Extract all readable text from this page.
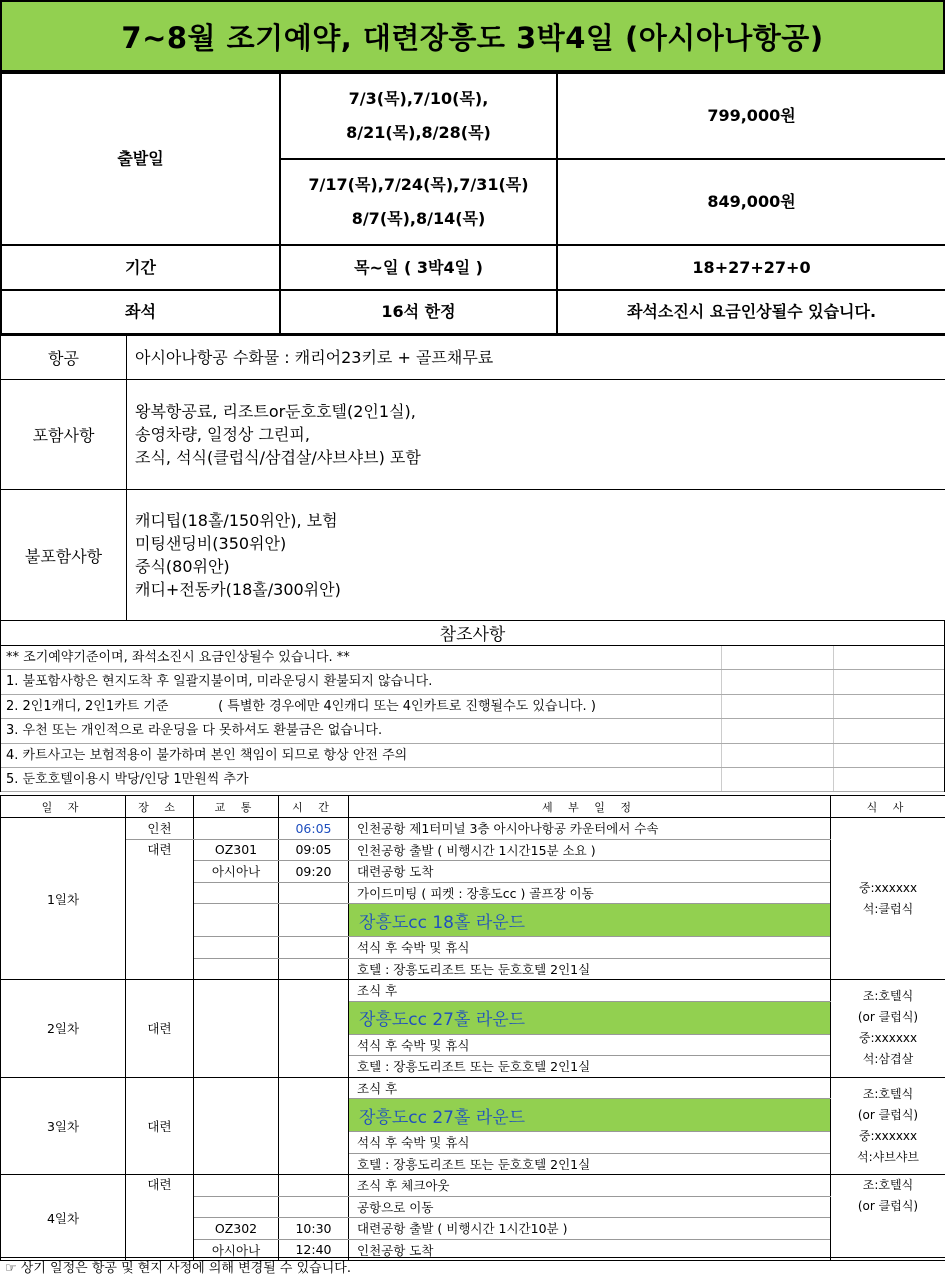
7~8월 조기예약, 대련장흥도 3박4일 (아시아나항공)
출발일	7/3(목),7/10(목),
8/21(목),8/28(목)	799,000원

	7/17(목),7/24(목),7/31(목)
8/7(목),8/14(목)	849,000원
기간	목~일 ( 3박4일 )	18+27+27+0
좌석	16석 한정	좌석소진시 요금인상될수 있습니다.
항공	아시아나항공 수화물 : 캐리어23키로 + 골프채무료
포함사항	왕복항공료, 리조트or둔호호텔(2인1실),
송영차량, 일정상 그린피,
조식, 석식(클럽식/삼겹살/샤브샤브) 포함

불포함사항	캐디팁(18홀/150위안), 보험
미팅샌딩비(350위안)
중식(80위안)
캐디+전동카(18홀/300위안)
참조사항
** 조기예약기준이며, 좌석소진시 요금인상될수 있습니다. **
1. 불포함사항은 현지도착 후 일괄지불이며, 미라운딩시 환불되지 않습니다.
2. 2인1캐디, 2인1카트 기준            ( 특별한 경우에만 4인캐디 또는 4인카트로 진행될수도 있습니다. )
3. 우천 또는 개인적으로 라운딩을 다 못하셔도 환불금은 없습니다.
4. 카트사고는 보험적용이 불가하며 본인 책임이 되므로 항상 안전 주의
5. 둔호호텔이용시 박당/인당 1만원씩 추가
일 자	장 소	교 통	시 간	세 부 일 정	식 사
1일차	인천		06:05	인천공항 제1터미널 3층 아시아나항공 카운터에서 수속	중:xxxxxx
석:클럽식

	대련	OZ301	09:05	인천공항 출발 ( 비행시간 1시간15분 소요 )	
		아시아나	09:20	대련공항 도착	
				가이드미팅 ( 피켓 : 장흥도cc ) 골프장 이동	
				장흥도cc 18홀 라운드	
				석식 후 숙박 및 휴식	
				호텔 : 장흥도리조트 또는 둔호호텔 2인1실	
2일차	대련			조식 후	조:호텔식
(or 클럽식)
중:xxxxxx
석:삼겹살

				장흥도cc 27홀 라운드	
				석식 후 숙박 및 휴식	
				호텔 : 장흥도리조트 또는 둔호호텔 2인1실	
3일차	대련			조식 후	조:호텔식
(or 클럽식)
중:xxxxxx
석:샤브샤브

				장흥도cc 27홀 라운드	
				석식 후 숙박 및 휴식	
				호텔 : 장흥도리조트 또는 둔호호텔 2인1실	
4일차	대련			조식 후 체크아웃	조:호텔식
(or 클럽식)

				공항으로 이동	
		OZ302	10:30	대련공항 출발 ( 비행시간 1시간10분 )	
		아시아나	12:40	인천공항 도착	
☞ 상기 일정은 항공 및 현지 사정에 의해 변경될 수 있습니다.
